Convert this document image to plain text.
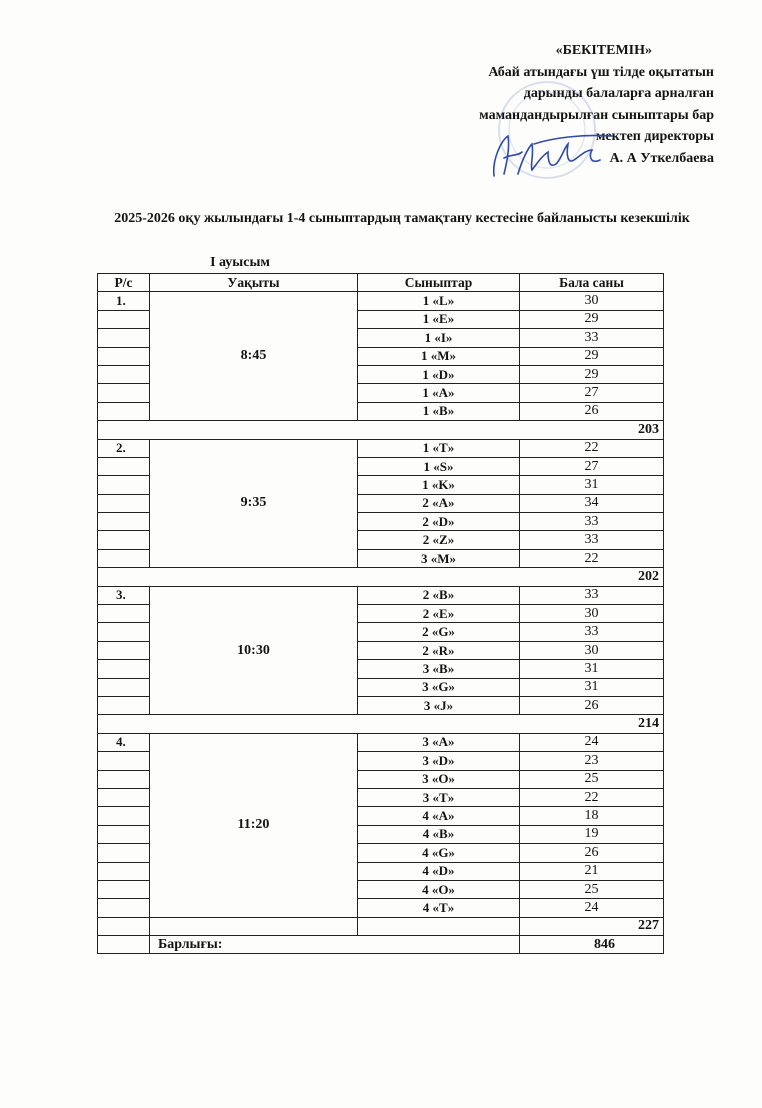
«БЕКІТЕМІН»
Абай атындағы үш тілде оқытатын
дарынды балаларға арналған
мамандандырылған сыныптары бар
мектеп директоры
А. А Уткелбаева
2025-2026 оқу жылындағы 1-4 сыныптардың тамақтану кестесіне байланысты кезекшілік
І ауысым
Р/с	Уақыты	Сыныптар	Бала саны
1.	8:45	1 «L»	30
		1 «E»	29
		1 «I»	33
		1 «M»	29
		1 «D»	29
		1 «A»	27
		1 «B»	26
203			
2.	9:35	1 «T»	22
		1 «S»	27
		1 «K»	31
		2 «A»	34
		2 «D»	33
		2 «Z»	33
		3 «M»	22
202			
3.	10:30	2 «B»	33
		2 «E»	30
		2 «G»	33
		2 «R»	30
		3 «B»	31
		3 «G»	31
		3 «J»	26
214			
4.	11:20	3 «A»	24
		3 «D»	23
		3 «O»	25
		3 «T»	22
		4 «A»	18
		4 «B»	19
		4 «G»	26
		4 «D»	21
		4 «O»	25
		4 «T»	24
			227
	Барлығы:		846
